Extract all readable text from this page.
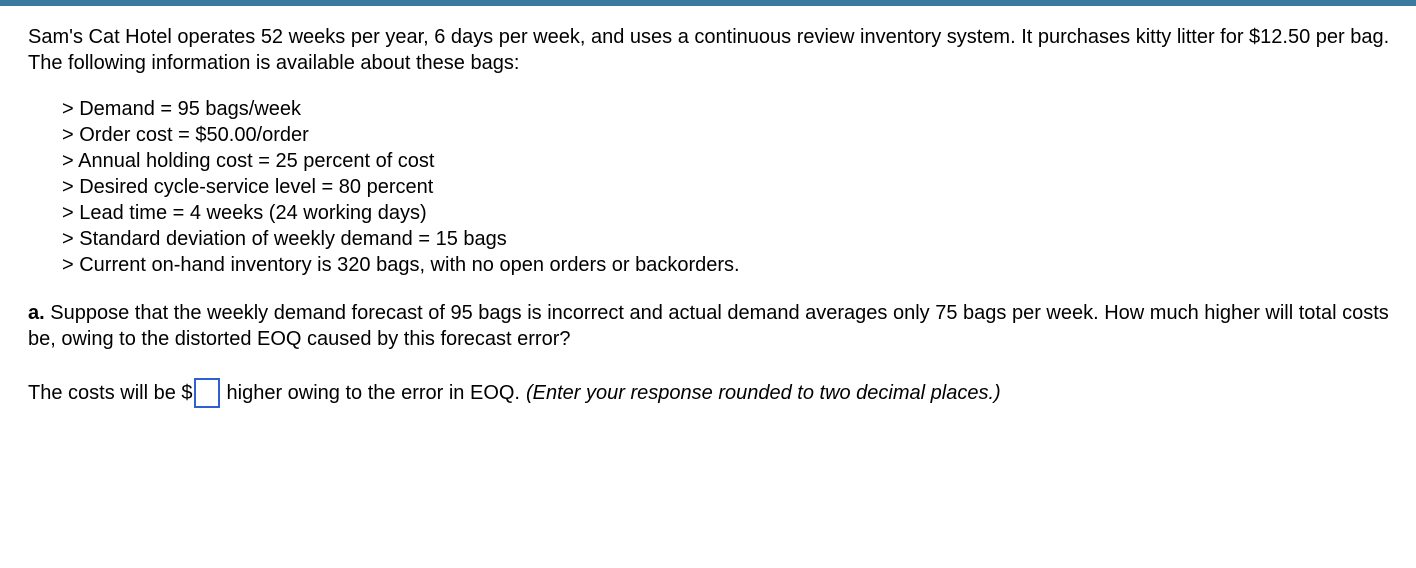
Sam's Cat Hotel operates 52 weeks per year, 6 days per week, and uses a continuous review inventory system. It purchases kitty litter for $12.50 per bag. The following information is available about these bags:

> Demand = 95 bags/week
> Order cost = $50.00/order
> Annual holding cost = 25 percent of cost
> Desired cycle-service level = 80 percent
> Lead time = 4 weeks (24 working days)
> Standard deviation of weekly demand = 15 bags
> Current on-hand inventory is 320 bags, with no open orders or backorders.

a. Suppose that the weekly demand forecast of 95 bags is incorrect and actual demand averages only 75 bags per week. How much higher will total costs be, owing to the distorted EOQ caused by this forecast error?

The costs will be $ higher owing to the error in EOQ. (Enter your response rounded to two decimal places.)
